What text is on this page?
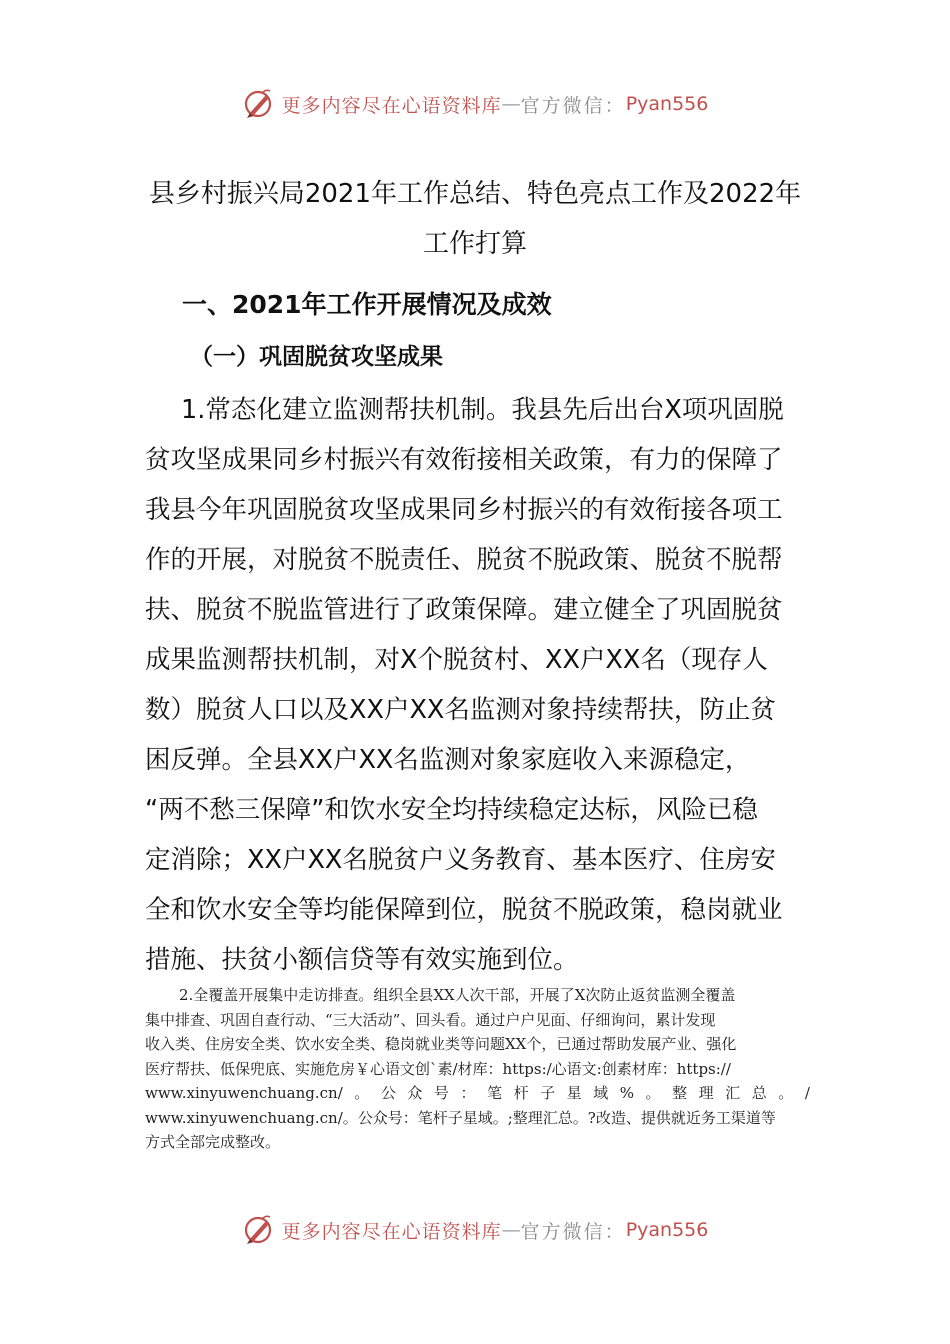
更多内容尽在心语资料库 — 官方微信： Pyan556
县乡村振兴局2021年工作总结、特色亮点工作及2022年
工作打算
一、2021年工作开展情况及成效
（一）巩固脱贫攻坚成果
1.常态化建立监测帮扶机制。我县先后出台X项巩固脱
贫攻坚成果同乡村振兴有效衔接相关政策，有力的保障了
我县今年巩固脱贫攻坚成果同乡村振兴的有效衔接各项工
作的开展，对脱贫不脱责任、脱贫不脱政策、脱贫不脱帮
扶、脱贫不脱监管进行了政策保障。建立健全了巩固脱贫
成果监测帮扶机制，对X个脱贫村、XX户XX名（现存人
数）脱贫人口以及XX户XX名监测对象持续帮扶，防止贫
困反弹。全县XX户XX名监测对象家庭收入来源稳定，
“两不愁三保障”和饮水安全均持续稳定达标，风险已稳
定消除；XX户XX名脱贫户义务教育、基本医疗、住房安
全和饮水安全等均能保障到位，脱贫不脱政策，稳岗就业
措施、扶贫小额信贷等有效实施到位。
2.全覆盖开展集中走访排查。组织全县XX人次干部，开展了X次防止返贫监测全覆盖
集中排查、巩固自查行动、“三大活动”、回头看。通过户户见面、仔细询问，累计发现
收入类、住房安全类、饮水安全类、稳岗就业类等问题XX个，已通过帮助发展产业、强化
医疗帮扶、低保兜底、实施危房￥心语文创`素/材库：https:/心语文:创素材库：https://
www.xinyuwenchuang.cn/ 。 公 众 号 ： 笔 杆 子 星 域 % 。 整 理 汇 总 。 /
www.xinyuwenchuang.cn/。公众号：笔杆子星域。;整理汇总。?改造、提供就近务工渠道等
方式全部完成整改。
更多内容尽在心语资料库 — 官方微信： Pyan556
